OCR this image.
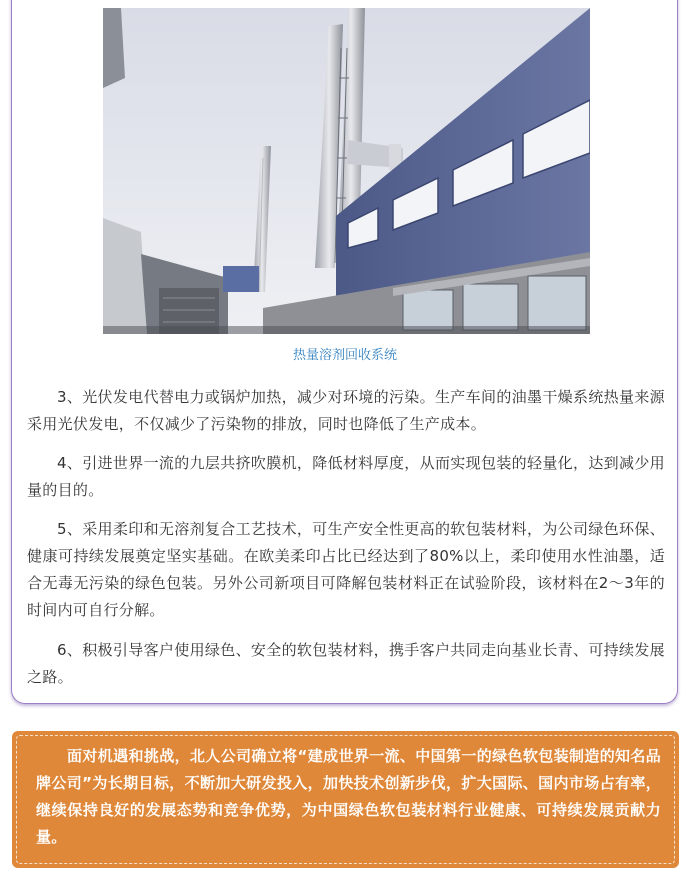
热量溶剂回收系统

3、光伏发电代替电力或锅炉加热，减少对环境的污染。生产车间的油墨干燥系统热量来源采用光伏发电，不仅减少了污染物的排放，同时也降低了生产成本。

4、引进世界一流的九层共挤吹膜机，降低材料厚度，从而实现包装的轻量化，达到减少用量的目的。

5、采用柔印和无溶剂复合工艺技术，可生产安全性更高的软包装材料，为公司绿色环保、健康可持续发展奠定坚实基础。在欧美柔印占比已经达到了80%以上，柔印使用水性油墨，适合无毒无污染的绿色包装。另外公司新项目可降解包装材料正在试验阶段，该材料在2～3年的时间内可自行分解。

6、积极引导客户使用绿色、安全的软包装材料，携手客户共同走向基业长青、可持续发展之路。

面对机遇和挑战，北人公司确立将“建成世界一流、中国第一的绿色软包装制造的知名品牌公司”为长期目标，不断加大研发投入，加快技术创新步伐，扩大国际、国内市场占有率，继续保持良好的发展态势和竞争优势，为中国绿色软包装材料行业健康、可持续发展贡献力量。
